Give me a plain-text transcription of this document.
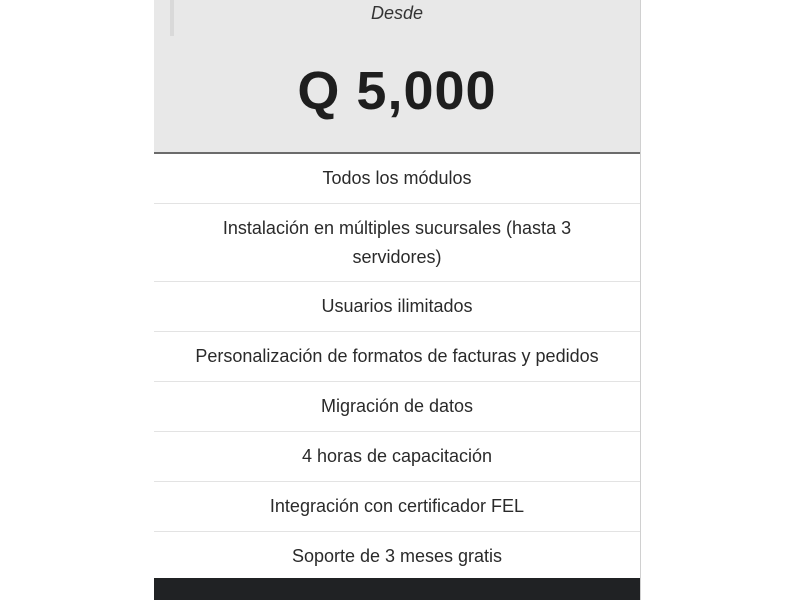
Desde
Q 5,000
Todos los módulos
Instalación en múltiples sucursales (hasta 3 servidores)
Usuarios ilimitados
Personalización de formatos de facturas y pedidos
Migración de datos
4 horas de capacitación
Integración con certificador FEL
Soporte de 3 meses gratis
